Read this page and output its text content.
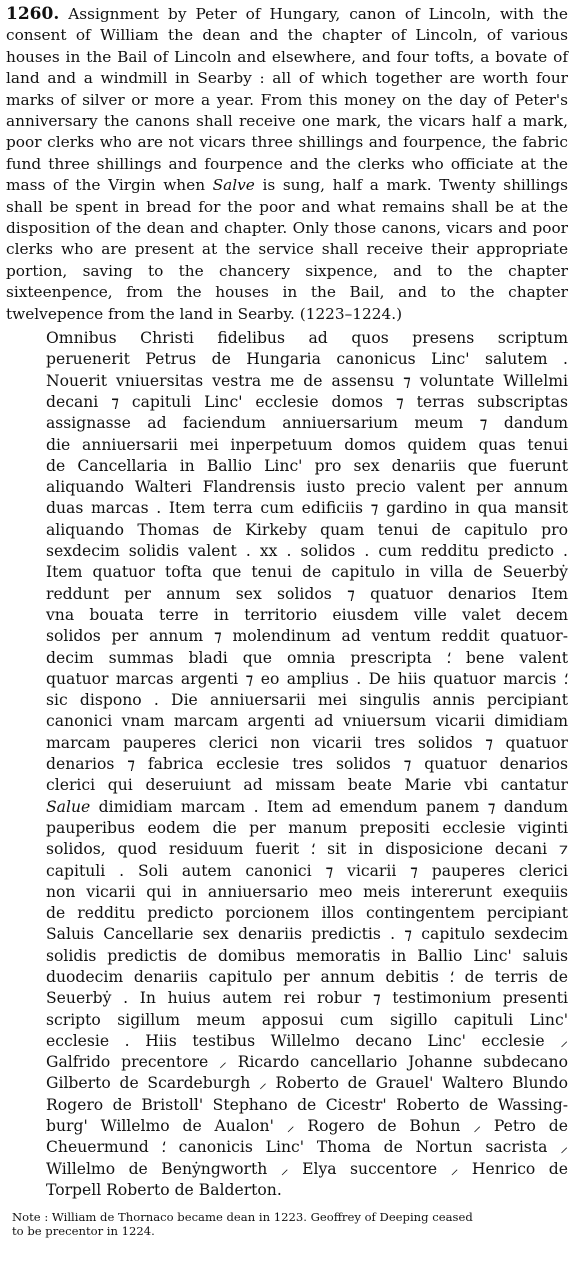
1260. Assignment by Peter of Hungary, canon of Lincoln, with the consent of William the dean and the chapter of Lincoln, of various houses in the Bail of Lincoln and elsewhere, and four tofts, a bovate of land and a windmill in Searby : all of which together are worth four marks of silver or more a year. From this money on the day of Peter's anniversary the canons shall receive one mark, the vicars half a mark, poor clerks who are not vicars three shillings and fourpence, the fabric fund three shillings and fourpence and the clerks who officiate at the mass of the Virgin when Salve is sung, half a mark. Twenty shillings shall be spent in bread for the poor and what remains shall be at the disposition of the dean and chapter. Only those canons, vicars and poor clerks who are present at the service shall receive their appropriate portion, saving to the chancery sixpence, and to the chapter sixteenpence, from the houses in the Bail, and to the chapter twelvepence from the land in Searby. (1223–1224.)

Omnibus Christi fidelibus ad quos presens scriptum
peruenerit Petrus de Hungaria canonicus Linc' salutem .
Nouerit vniuersitas vestra me de assensu ⁊ voluntate Willelmi
decani ⁊ capituli Linc' ecclesie domos ⁊ terras subscriptas
assignasse ad faciendum anniuersarium meum ⁊ dandum
die anniuersarii mei inperpetuum domos quidem quas tenui
de Cancellaria in Ballio Linc' pro sex denariis que fuerunt
aliquando Walteri Flandrensis iusto precio valent per annum
duas marcas . Item terra cum edificiis ⁊ gardino in qua mansit
aliquando Thomas de Kirkeby quam tenui de capitulo pro
sexdecim solidis valent . xx . solidos . cum redditu predicto .
Item quatuor tofta que tenui de capitulo in villa de Seuerbẏ
reddunt per annum sex solidos ⁊ quatuor denarios Item
vna bouata terre in territorio eiusdem ville valet decem
solidos per annum ⁊ molendinum ad ventum reddit quatuor-
decim summas bladi que omnia prescripta ⸵ bene valent
quatuor marcas argenti ⁊ eo amplius . De hiis quatuor marcis ⸵
sic dispono . Die anniuersarii mei singulis annis percipiant
canonici vnam marcam argenti ad vniuersum vicarii dimidiam
marcam pauperes clerici non vicarii tres solidos ⁊ quatuor
denarios ⁊ fabrica ecclesie tres solidos ⁊ quatuor denarios
clerici qui deseruiunt ad missam beate Marie vbi cantatur
Salue dimidiam marcam . Item ad emendum panem ⁊ dandum
pauperibus eodem die per manum prepositi ecclesie viginti
solidos, quod residuum fuerit ⸵ sit in disposicione decani ⁊
capituli . Soli autem canonici ⁊ vicarii ⁊ pauperes clerici
non vicarii qui in anniuersario meo meis intererunt exequiis
de redditu predicto porcionem illos contingentem percipiant
Saluis Cancellarie sex denariis predictis . ⁊ capitulo sexdecim
solidis predictis de domibus memoratis in Ballio Linc' saluis
duodecim denariis capitulo per annum debitis ⸵ de terris de
Seuerbẏ . In huius autem rei robur ⁊ testimonium presenti
scripto sigillum meum apposui cum sigillo capituli Linc'
ecclesie . Hiis testibus Willelmo decano Linc' ecclesie ⸝
Galfrido precentore ⸝ Ricardo cancellario Johanne subdecano
Gilberto de Scardeburgh ⸝ Roberto de Grauel' Waltero Blundo
Rogero de Bristoll' Stephano de Cicestr' Roberto de Wassing-
burg' Willelmo de Aualon' ⸝ Rogero de Bohun ⸝ Petro de
Cheuermund ⸵ canonicis Linc' Thoma de Nortun sacrista ⸝
Willelmo de Benẏngworth ⸝ Elya succentore ⸝ Henrico de
Torpell Roberto de Balderton.
Note : William de Thornaco became dean in 1223. Geoffrey of Deeping ceased
to be precentor in 1224.
